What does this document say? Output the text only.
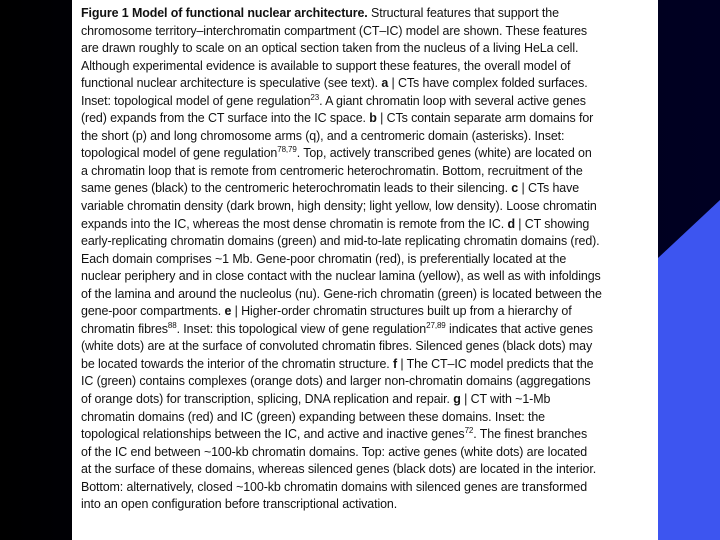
Figure 1 Model of functional nuclear architecture. Structural features that support the
chromosome territory–interchromatin compartment (CT–IC) model are shown. These features
are drawn roughly to scale on an optical section taken from the nucleus of a living HeLa cell.
Although experimental evidence is available to support these features, the overall model of
functional nuclear architecture is speculative (see text). a | CTs have complex folded surfaces.
Inset: topological model of gene regulation$^{23}$. A giant chromatin loop with several active genes
(red) expands from the CT surface into the IC space. b | CTs contain separate arm domains for
the short (p) and long chromosome arms (q), and a centromeric domain (asterisks). Inset:
topological model of gene regulation$^{78,79}$. Top, actively transcribed genes (white) are located on
a chromatin loop that is remote from centromeric heterochromatin. Bottom, recruitment of the
same genes (black) to the centromeric heterochromatin leads to their silencing. c | CTs have
variable chromatin density (dark brown, high density; light yellow, low density). Loose chromatin
expands into the IC, whereas the most dense chromatin is remote from the IC. d | CT showing
early-replicating chromatin domains (green) and mid-to-late replicating chromatin domains (red).
Each domain comprises ~1 Mb. Gene-poor chromatin (red), is preferentially located at the
nuclear periphery and in close contact with the nuclear lamina (yellow), as well as with infoldings
of the lamina and around the nucleolus (nu). Gene-rich chromatin (green) is located between the
gene-poor compartments. e | Higher-order chromatin structures built up from a hierarchy of
chromatin fibres$^{88}$. Inset: this topological view of gene regulation$^{27,89}$ indicates that active genes
(white dots) are at the surface of convoluted chromatin fibres. Silenced genes (black dots) may
be located towards the interior of the chromatin structure. f | The CT–IC model predicts that the
IC (green) contains complexes (orange dots) and larger non-chromatin domains (aggregations
of orange dots) for transcription, splicing, DNA replication and repair. g | CT with ~1-Mb
chromatin domains (red) and IC (green) expanding between these domains. Inset: the
topological relationships between the IC, and active and inactive genes$^{72}$. The finest branches
of the IC end between ~100-kb chromatin domains. Top: active genes (white dots) are located
at the surface of these domains, whereas silenced genes (black dots) are located in the interior.
Bottom: alternatively, closed ~100-kb chromatin domains with silenced genes are transformed
into an open configuration before transcriptional activation.
